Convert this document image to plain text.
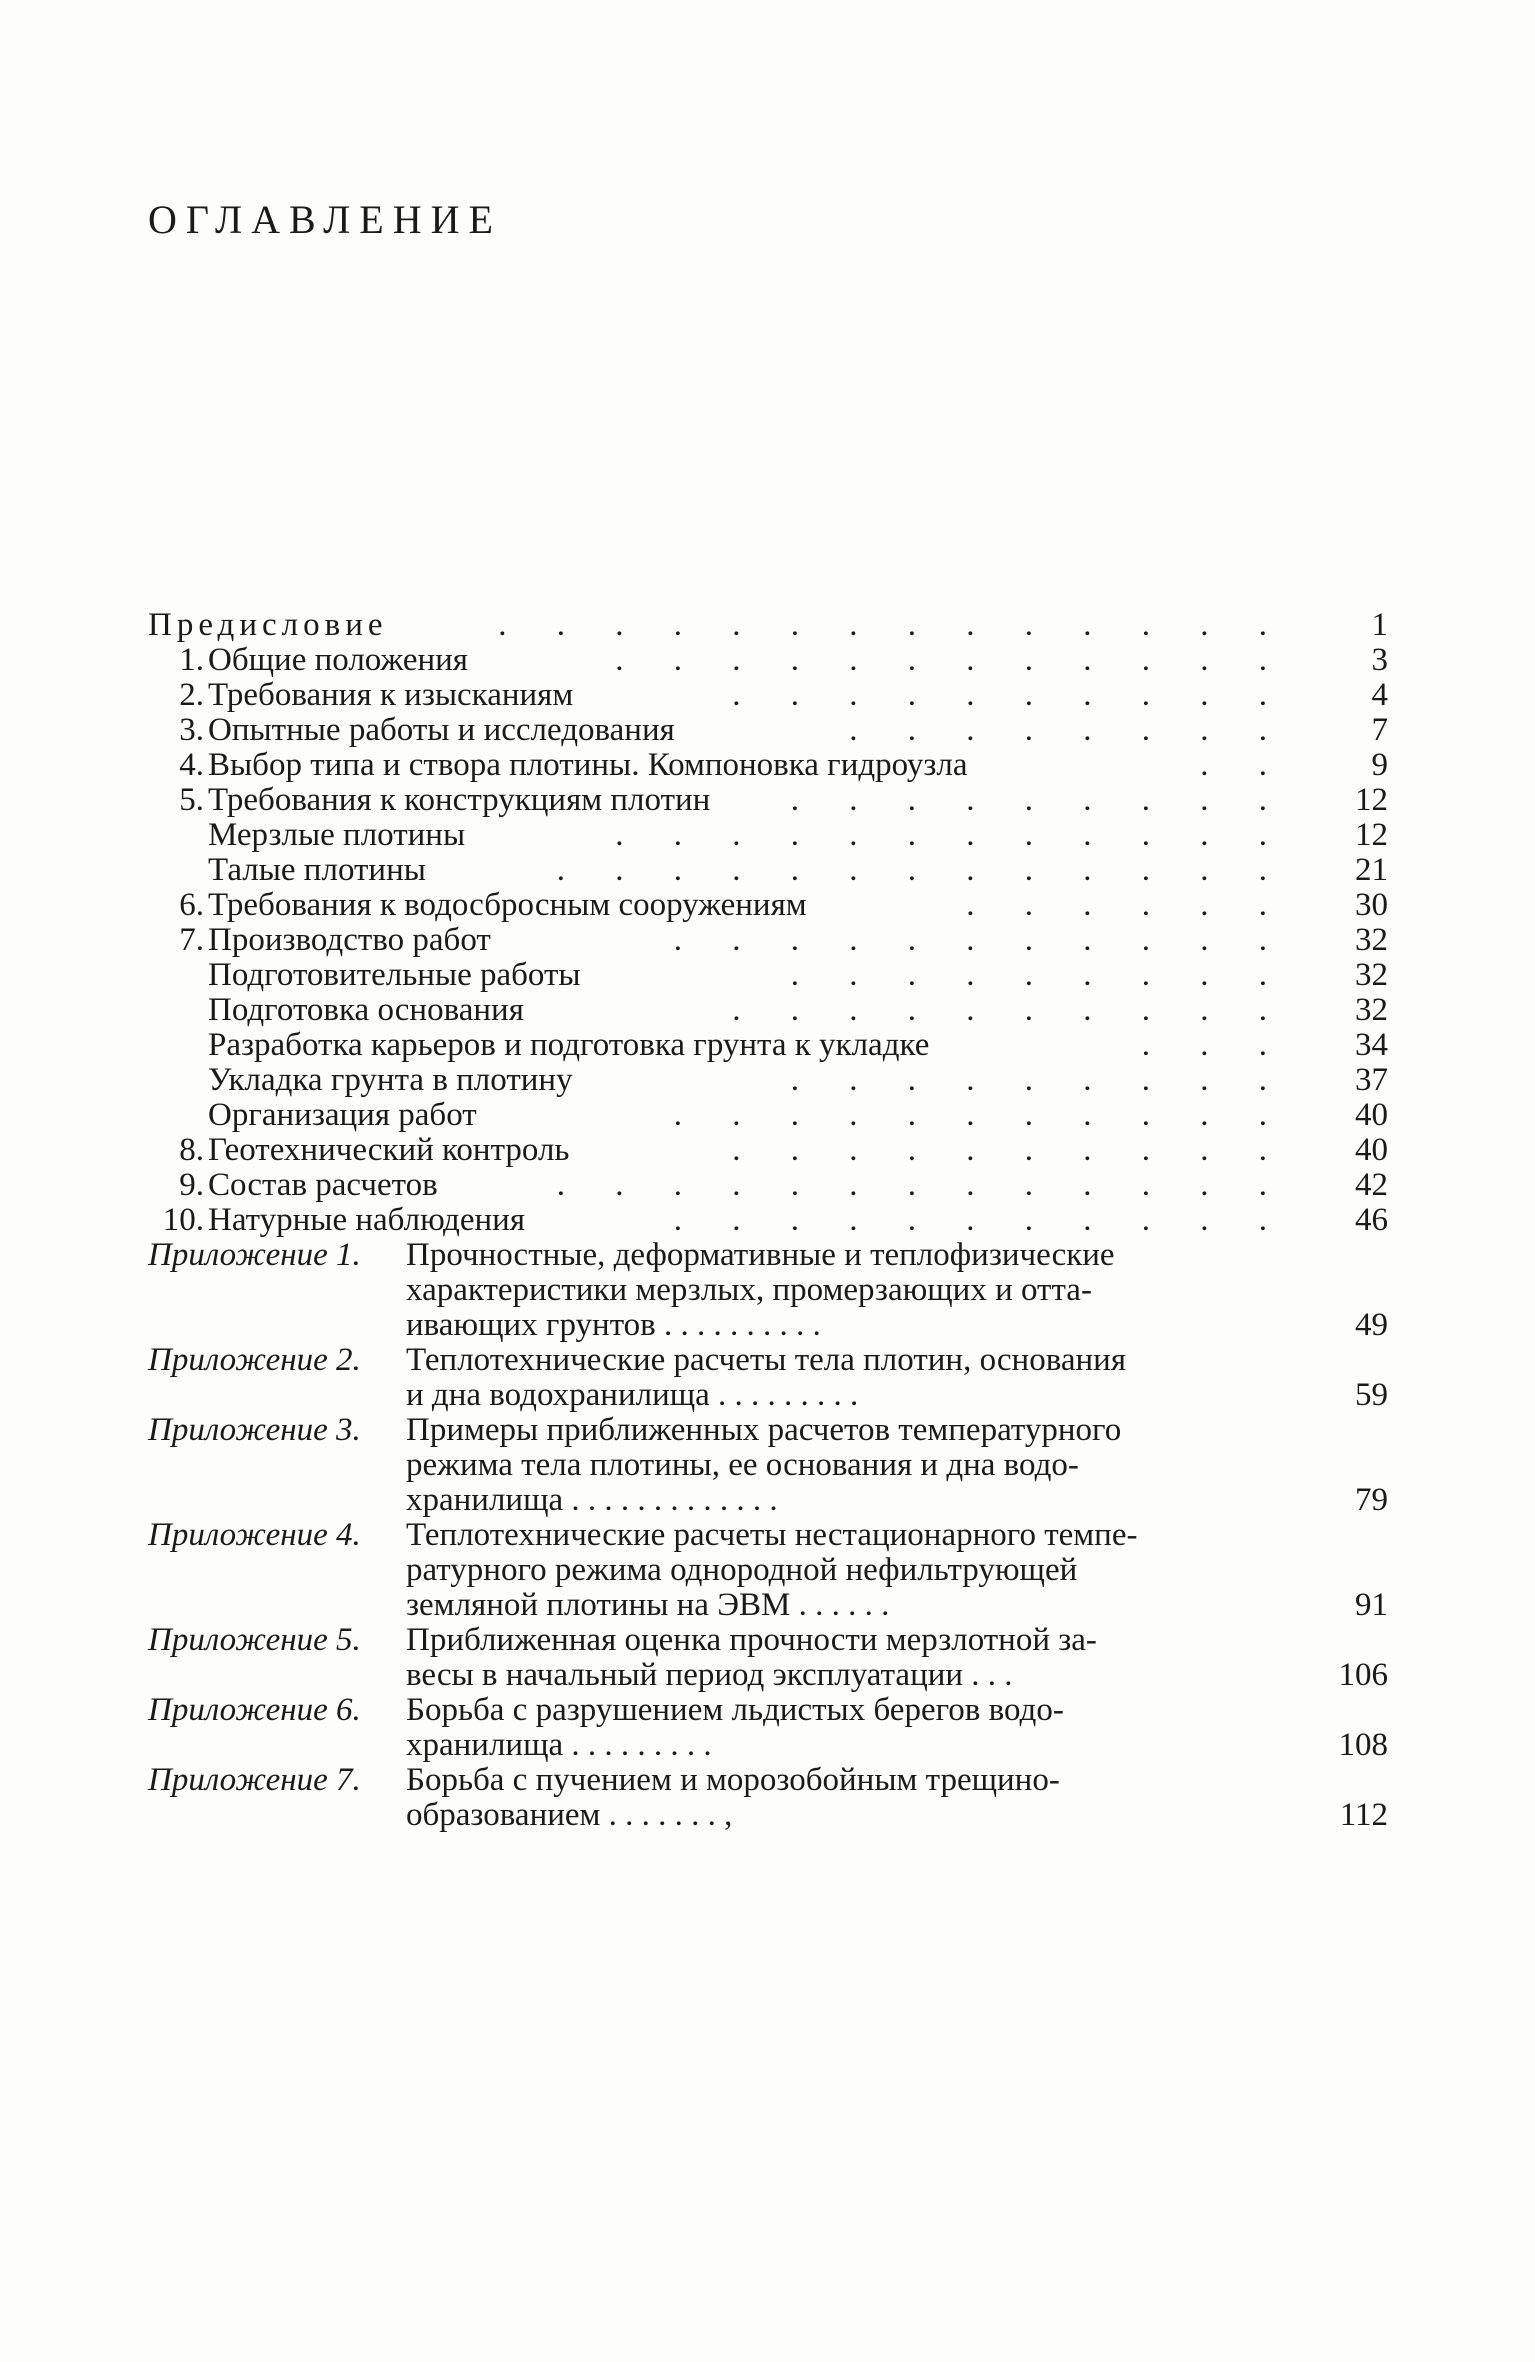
ОГЛАВЛЕНИЕ
Предисловие	. . . . . . . . . . . . . .	1
1. Общие положения	. . . . . . . . . . . .	3
2. Требования к изысканиям	. . . . . . . . . .	4
3. Опытные работы и исследования	. . . . . . . .	7
4. Выбор типа и створа плотины. Компоновка гидроузла	. .	9
5. Требования к конструкциям плотин . . . . . . . . .	12
Мерзлые плотины	. . . . . . . . . . . .	12
Талые плотины	. . . . . . . . . . . . .	21
6. Требования к водосбросным сооружениям	. . . . . .	30
7. Производство работ	. . . . . . . . . . .	32
Подготовительные работы	. . . . . . . . .	32
Подготовка основания	. . . . . . . . . .	32
Разработка карьеров и подготовка грунта к укладке	. . .	34
Укладка грунта в плотину	. . . . . . . . .	37
Организация работ	. . . . . . . . . . .	40
8. Геотехнический контроль	. . . . . . . . . .	40
9. Состав расчетов	. . . . . . . . . . . . .	42
10. Натурные наблюдения	. . . . . . . . . . .	46
Приложение 1. Прочностные, деформативные и теплофизические
характеристики мерзлых, промерзающих и отта-
ивающих грунтов . . . . . . . . . .	49
Приложение 2. Теплотехнические расчеты тела плотин, основания
и дна водохранилища . . . . . . . . .	59
Приложение 3. Примеры приближенных расчетов температурного
режима тела плотины, ее основания и дна водо-
хранилища . . . . . . . . . . . . .	79
Приложение 4. Теплотехнические расчеты нестационарного темпе-
ратурного режима однородной нефильтрующей
земляной плотины на ЭВМ . . . . . .	91
Приложение 5. Приближенная оценка прочности мерзлотной за-
весы в начальный период эксплуатации . . .	106
Приложение 6. Борьба с разрушением льдистых берегов водо-
хранилища . . . . . . . . .	108
Приложение 7. Борьба с пучением и морозобойным трещино-
образованием . . . . . . . ,	112
